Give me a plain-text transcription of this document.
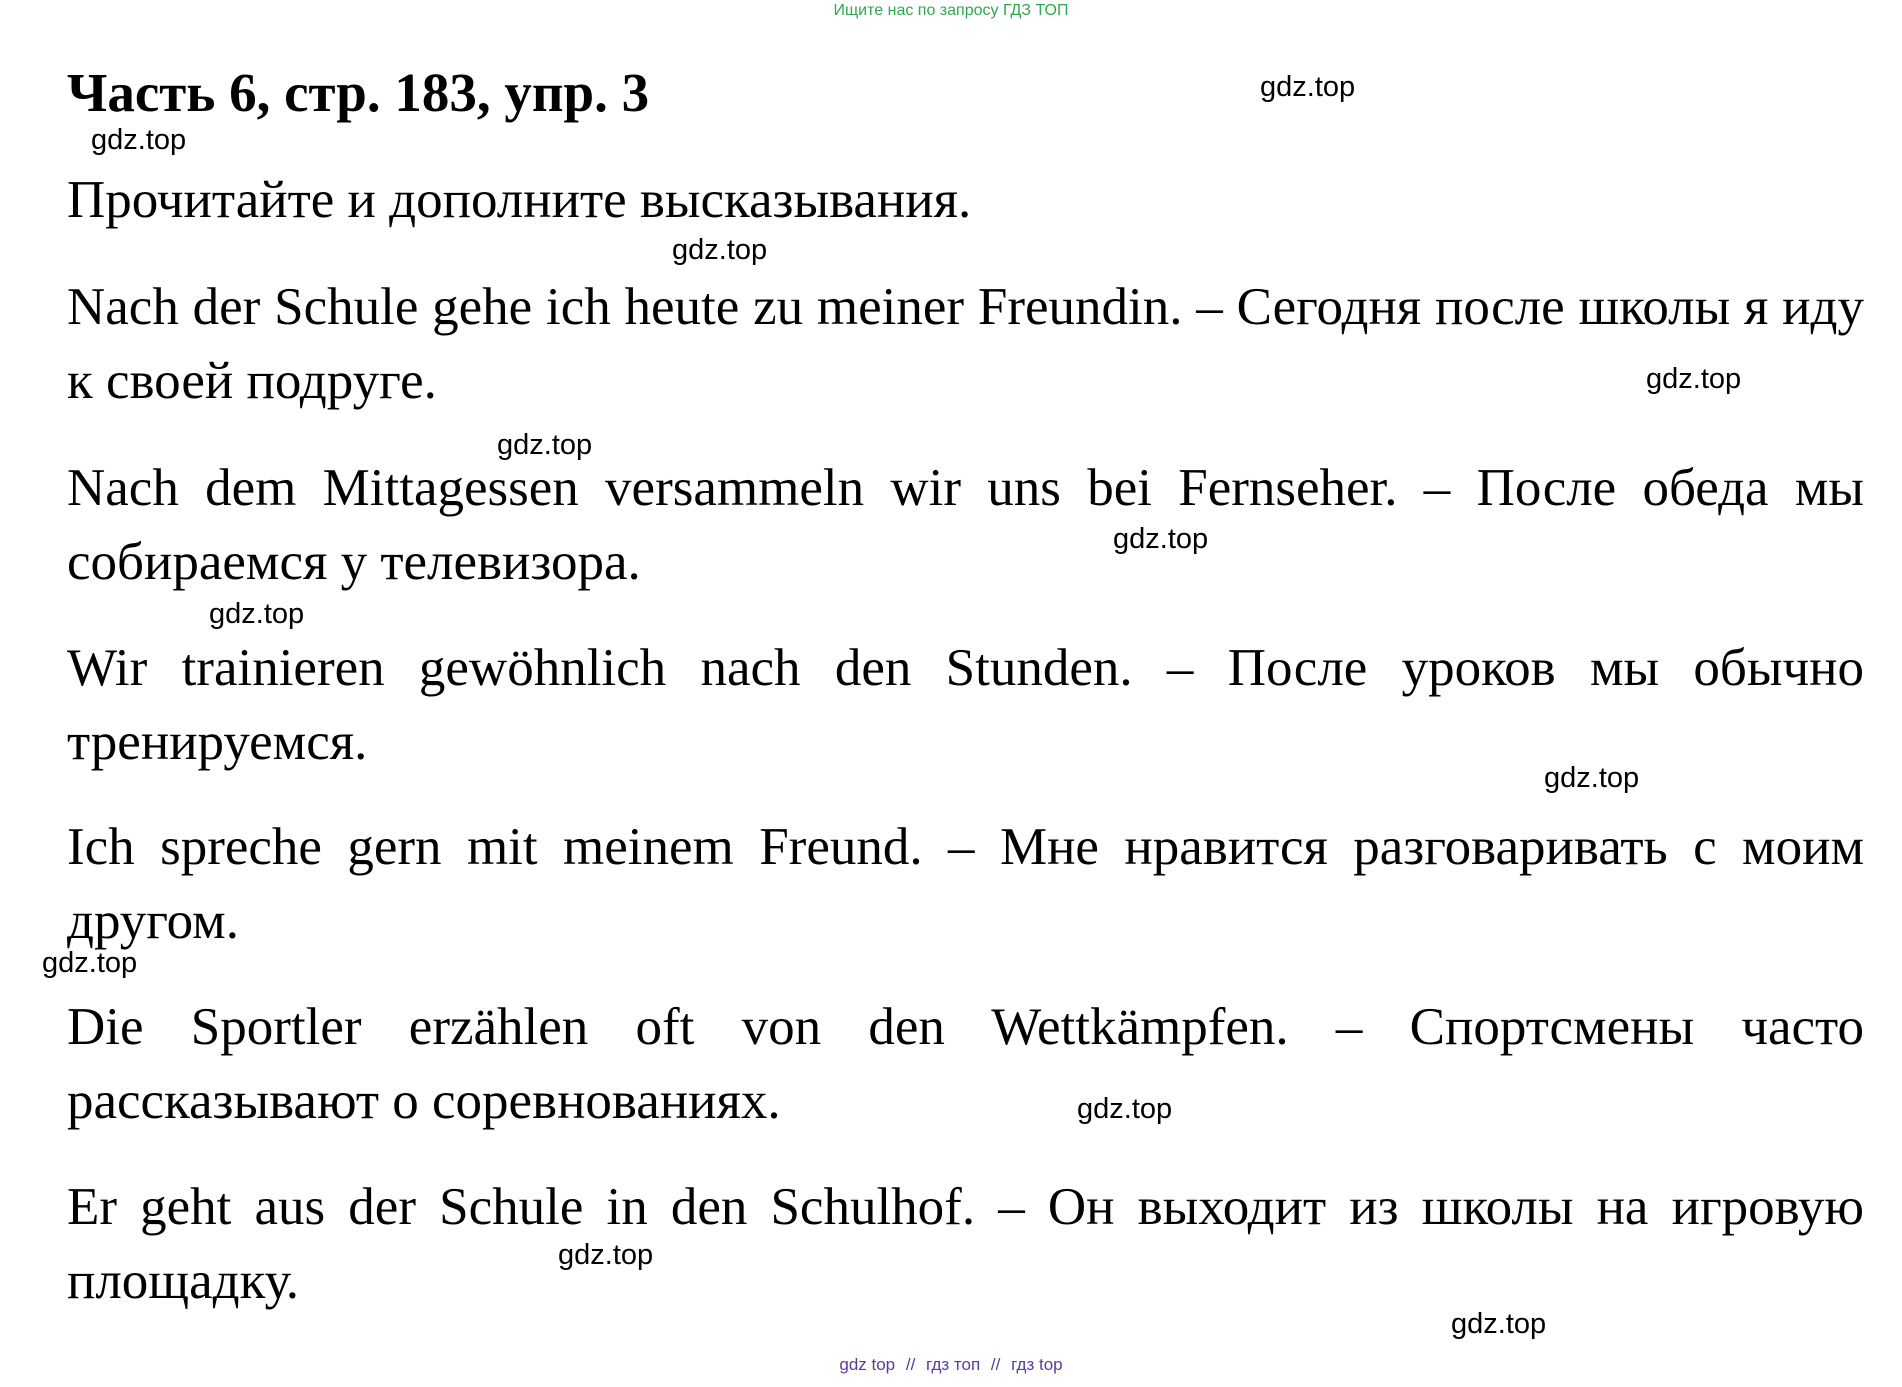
Ищите нас по запросу ГДЗ ТОП
Часть 6, стр. 183, упр. 3

Прочитайте и дополните высказывания.

Nach der Schule gehe ich heute zu meiner Freundin. – Сегодня после школы я иду к своей подруге.

Nach dem Mittagessen versammeln wir uns bei Fernseher. – После обеда мы собираемся у телевизора.

Wir trainieren gewöhnlich nach den Stunden. – После уроков мы обычно тренируемся.

Ich spreche gern mit meinem Freund. – Мне нравится разговаривать с моим другом.

Die Sportler erzählen oft von den Wettkämpfen. – Спортсмены часто рассказывают о соревнованиях.

Er geht aus der Schule in den Schulhof. – Он выходит из школы на игровую площадку.

gdz.top
gdz.top
gdz.top
gdz.top
gdz.top
gdz.top
gdz.top
gdz.top
gdz.top
gdz.top
gdz.top
gdz.top
gdz top // гдз топ // гдз top
